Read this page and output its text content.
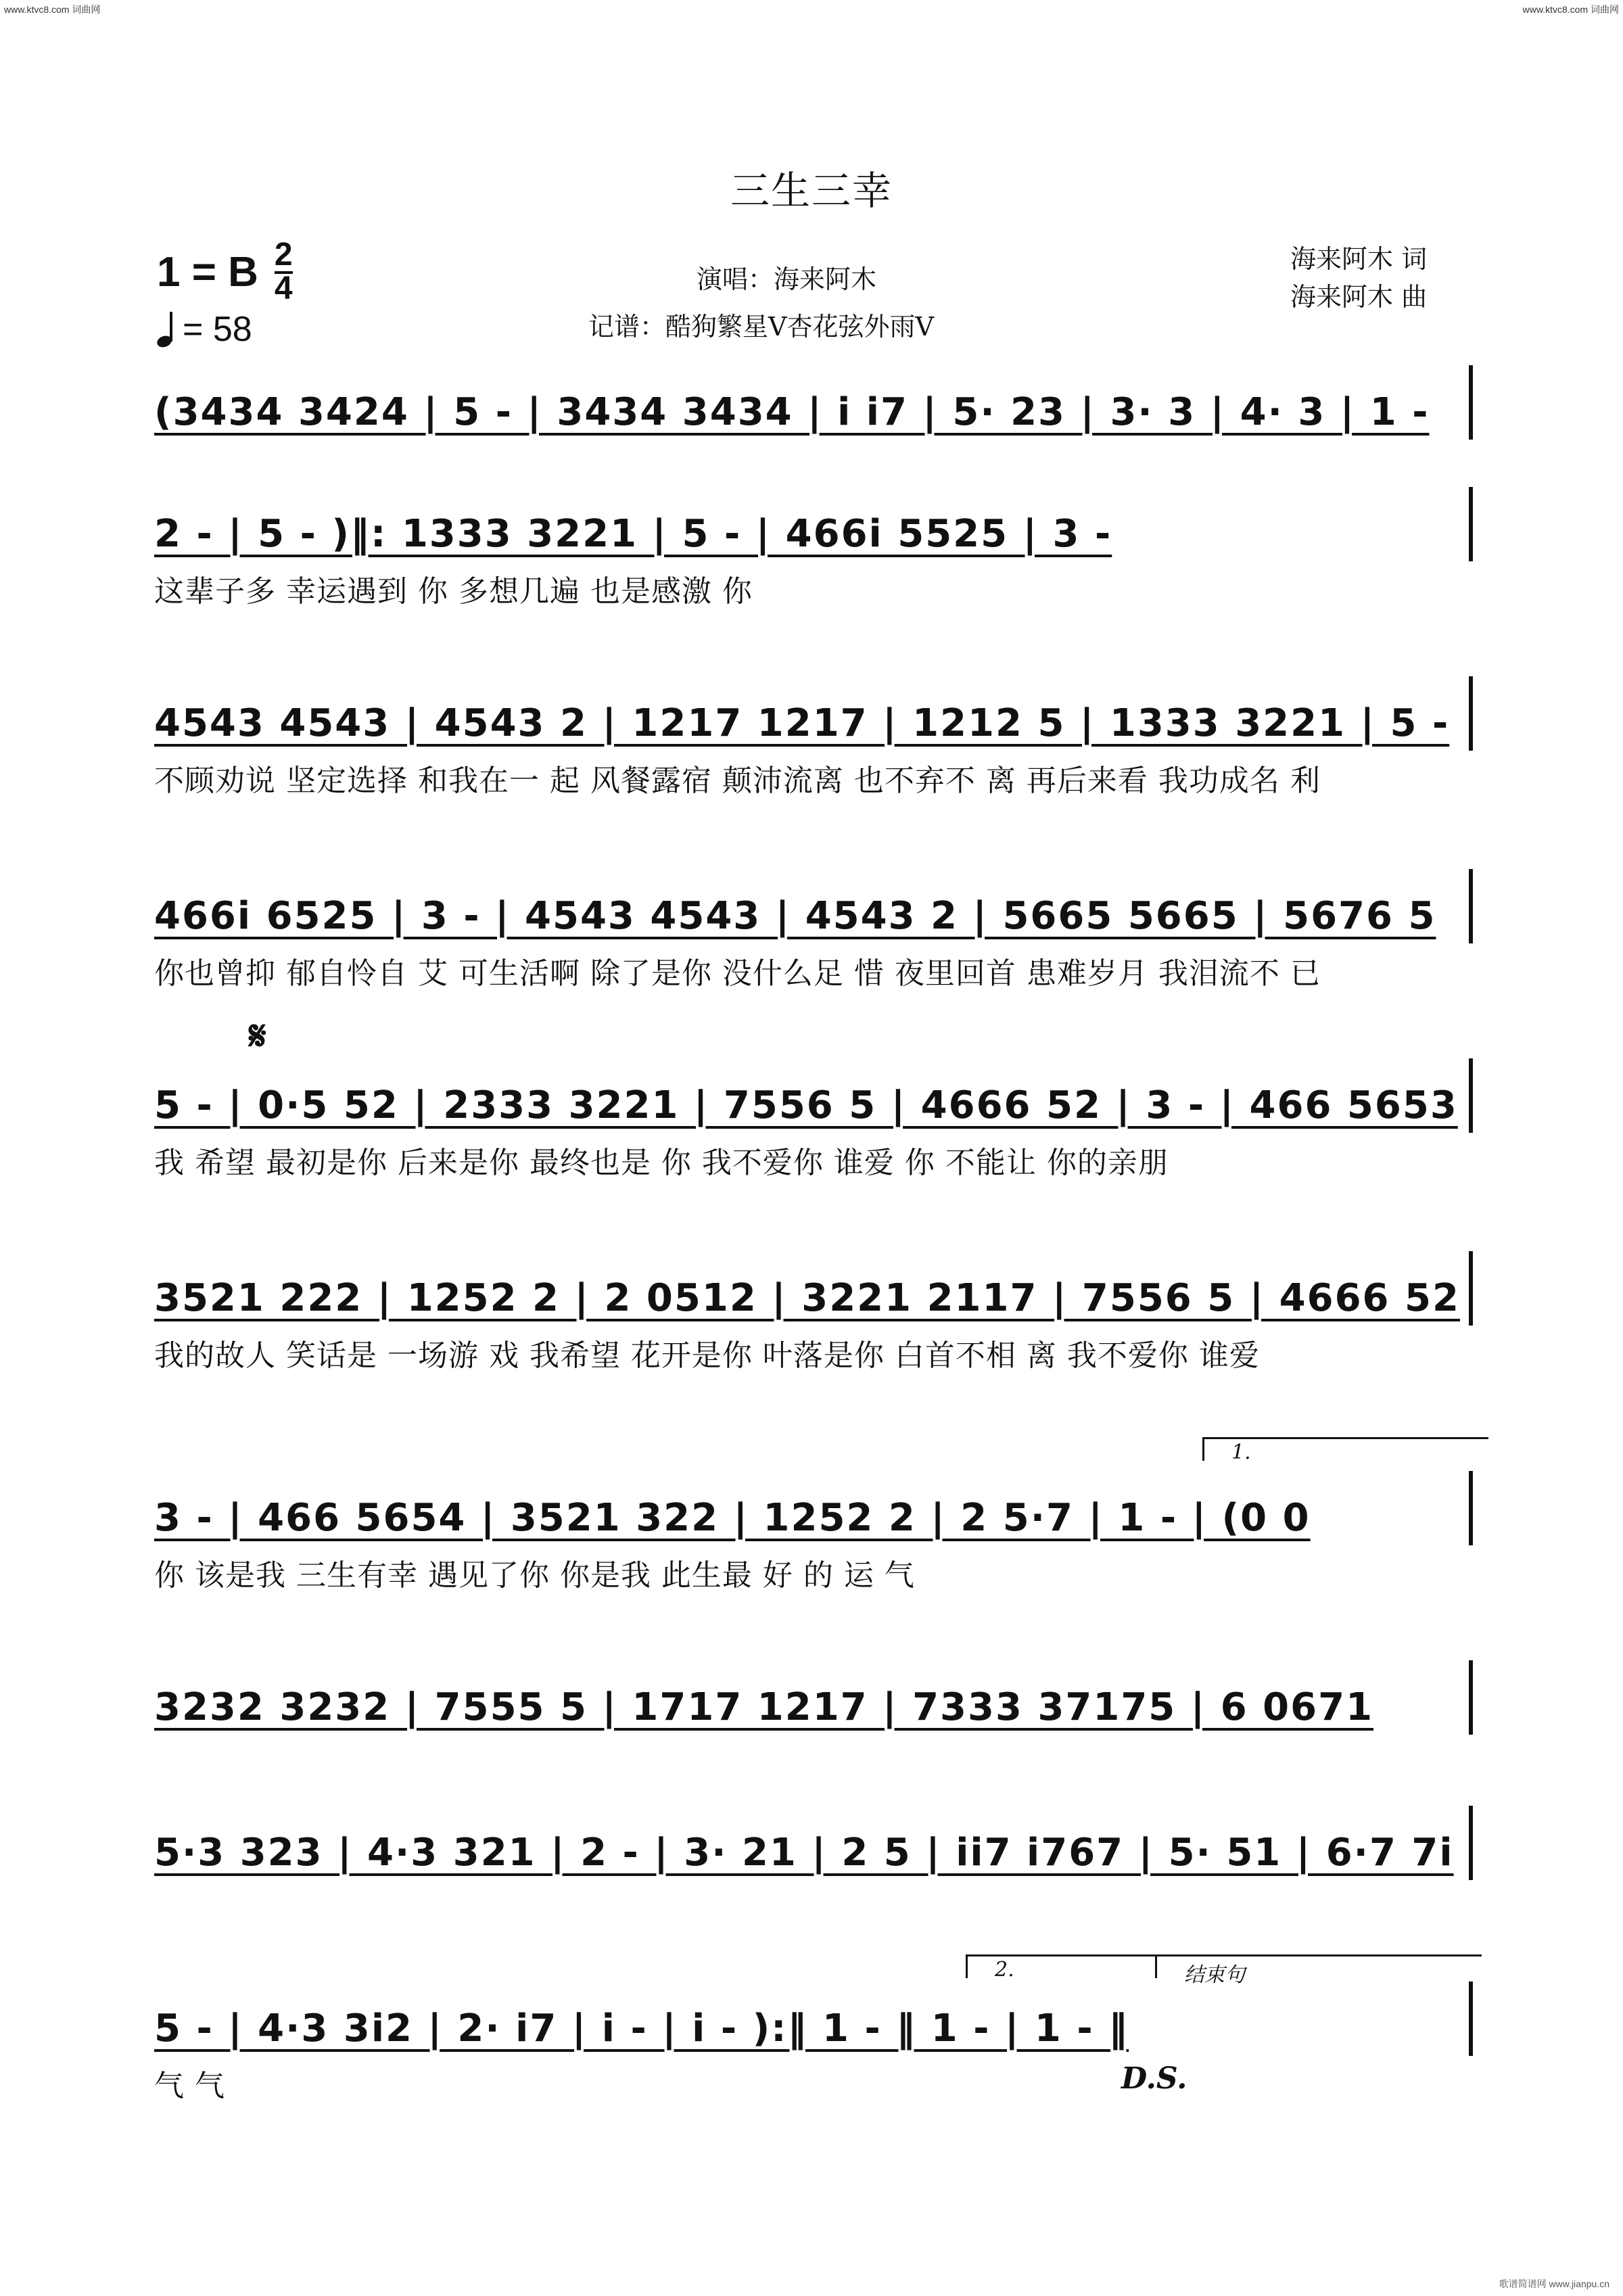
www.ktvc8.com 词曲网	www.ktvc8.com 词曲网
三生三幸
1 = B 2
4
= 58
演唱：海来阿木
记谱：酷狗繁星V杏花弦外雨V
海来阿木 词
海来阿木 曲
(3434 3424 | 5 - | 3434 3434 | i i7 | 5· 23 | 3· 3 | 4· 3 | 1 -
2 - | 5 - )‖: 1333 3221 | 5 - | 466i 5525 | 3 -
这辈子多 幸运遇到 你 多想几遍 也是感激 你
4543 4543 | 4543 2 | 1217 1217 | 1212 5 | 1333 3221 | 5 -
不顾劝说 坚定选择 和我在一 起 风餐露宿 颠沛流离 也不弃不 离 再后来看 我功成名 利
466i 6525 | 3 - | 4543 4543 | 4543 2 | 5665 5665 | 5676 5
你也曾抑 郁自怜自 艾 可生活啊 除了是你 没什么足 惜 夜里回首 患难岁月 我泪流不 已
𝄋
5 - | 0·5 52 | 2333 3221 | 7556 5 | 4666 52 | 3 - | 466 5653
我 希望 最初是你 后来是你 最终也是 你 我不爱你 谁爱 你 不能让 你的亲朋
3521 222 | 1252 2 | 2 0512 | 3221 2117 | 7556 5 | 4666 52
我的故人 笑话是 一场游 戏 我希望 花开是你 叶落是你 白首不相 离 我不爱你 谁爱
1.
3 - | 466 5654 | 3521 322 | 1252 2 | 2 5·7 | 1 - | (0 0
你 该是我 三生有幸 遇见了你 你是我 此生最 好 的 运 气
3232 3232 | 7555 5 | 1717 1217 | 7333 37175 | 6 0671
5·3 323 | 4·3 321 | 2 - | 3· 21 | 2 5 | ii7 i767 | 5· 51 | 6·7 7i
2.	结束句
5 - | 4·3 3i2 | 2· i7 | i - | i - ):‖ 1 - ‖ 1 - | 1 - ‖
气 气	D.S.
歌谱简谱网 www.jianpu.cn
